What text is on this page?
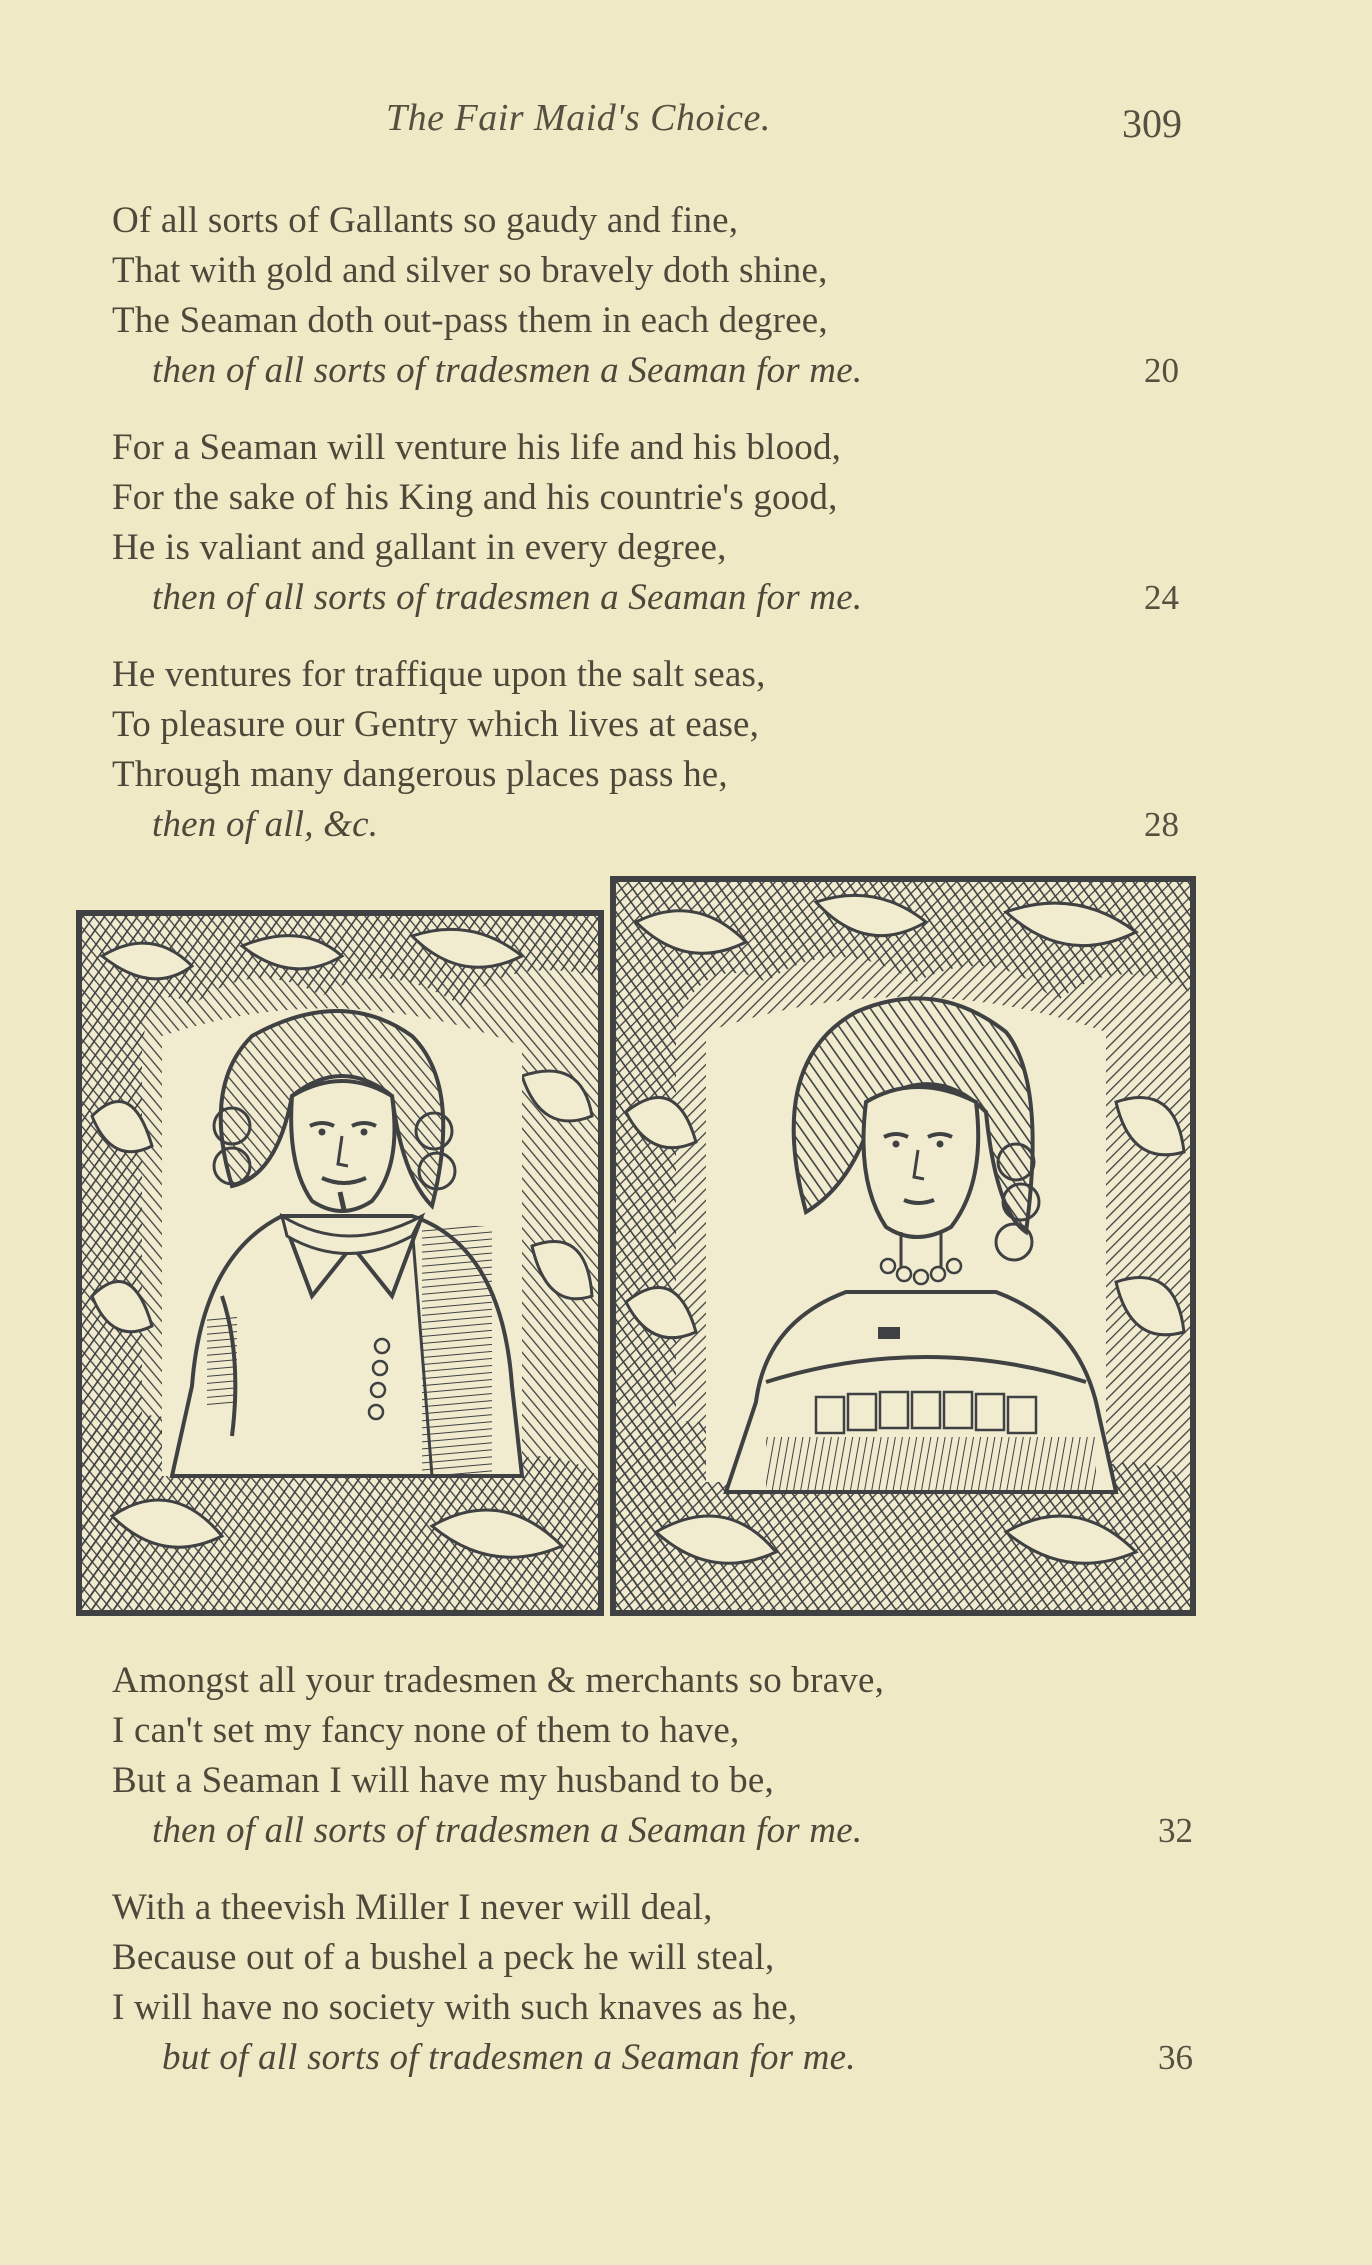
The Fair Maid's Choice.	309
Of all sorts of Gallants so gaudy and fine,
That with gold and silver so bravely doth shine,
The Seaman doth out-pass them in each degree,
then of all sorts of tradesmen a Seaman for me.	20
For a Seaman will venture his life and his blood,
For the sake of his King and his countrie's good,
He is valiant and gallant in every degree,
then of all sorts of tradesmen a Seaman for me.	24
He ventures for traffique upon the salt seas,
To pleasure our Gentry which lives at ease,
Through many dangerous places pass he,
then of all, &c.	28
Amongst all your tradesmen & merchants so brave,
I can't set my fancy none of them to have,
But a Seaman I will have my husband to be,
then of all sorts of tradesmen a Seaman for me.	32
With a theevish Miller I never will deal,
Because out of a bushel a peck he will steal,
I will have no society with such knaves as he,
but of all sorts of tradesmen a Seaman for me.	36
